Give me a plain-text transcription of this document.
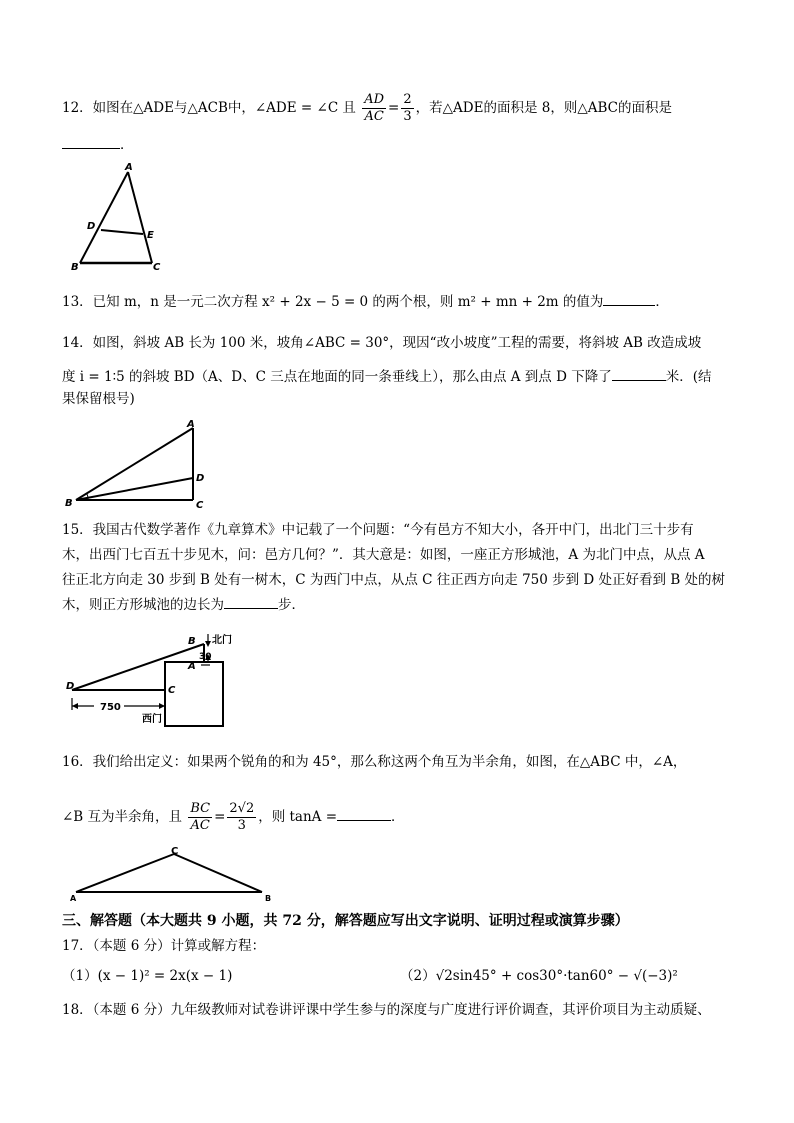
12．如图在△ADE与△ACB中，∠ADE = ∠C 且 $\frac{AD}{AC} = \frac{2}{3}$ ，若△ADE的面积是 8，则△ABC的面积是
．
A
D
E
B	C
13．已知 m，n 是一元二次方程 x² + 2x − 5 = 0 的两个根，则 m² + mn + 2m 的值为	．
14．如图，斜坡 AB 长为 100 米，坡角∠ABC = 30°，现因“改小坡度”工程的需要，将斜坡 AB 改造成坡
度 i = 1∶5 的斜坡 BD（A、D、C 三点在地面的同一条垂线上），那么由点 A 到点 D 下降了	米．(结
果保留根号)
A
D
B	C
15．我国古代数学著作《九章算术》中记载了一个问题：“今有邑方不知大小，各开中门，出北门三十步有
木，出西门七百五十步见木，问：邑方几何？”．其大意是：如图，一座正方形城池，A 为北门中点，从点 A
往正北方向走 30 步到 B 处有一树木，C 为西门中点，从点 C 往正西方向走 750 步到 D 处正好看到 B 处的树
木，则正方形城池的边长为	步．
B 北门
30
A
D	C
750
西门
16．我们给出定义：如果两个锐角的和为 45°，那么称这两个角互为半余角，如图，在△ABC 中，∠A，
∠B 互为半余角，且 $\frac{BC}{AC} = \frac{2√2}{3}$ ，则 tanA =	．
C
A	B
三、解答题（本大题共 9 小题，共 72 分，解答题应写出文字说明、证明过程或演算步骤）
17．（本题 6 分）计算或解方程：
（1）(x − 1)² = 2x(x − 1)	（2）√2sin45° + cos30°·tan60° − √(−3)²
18．（本题 6 分）九年级教师对试卷讲评课中学生参与的深度与广度进行评价调查，其评价项目为主动质疑、
